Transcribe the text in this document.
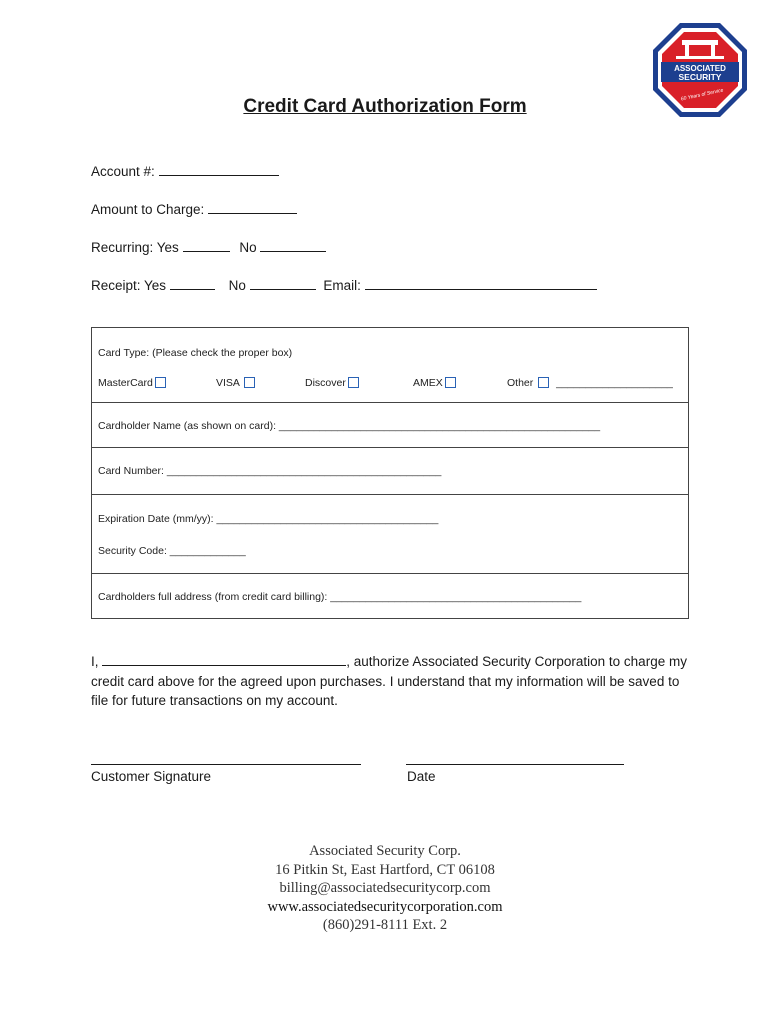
ASSOCIATED
SECURITY
60 Years of Service
Credit Card Authorization Form
Account #:
Amount to Charge:
Recurring: Yes	No
Receipt: Yes	No	Email:
Card Type: (Please check the proper box)
MasterCard	VISA	Discover	AMEX	Other ____________________
Cardholder Name (as shown on card): _______________________________________________________
Card Number: _______________________________________________
Expiration Date (mm/yy): ______________________________________
Security Code: _____________
Cardholders full address (from credit card billing): ___________________________________________
I,	, authorize Associated Security Corporation to charge my credit card above for the agreed upon purchases. I understand that my information will be saved to file for future transactions on my account.
Customer Signature	Date
Associated Security Corp.
16 Pitkin St, East Hartford, CT 06108
billing@associatedsecuritycorp.com
www.associatedsecuritycorporation.com
(860)291-8111 Ext. 2
